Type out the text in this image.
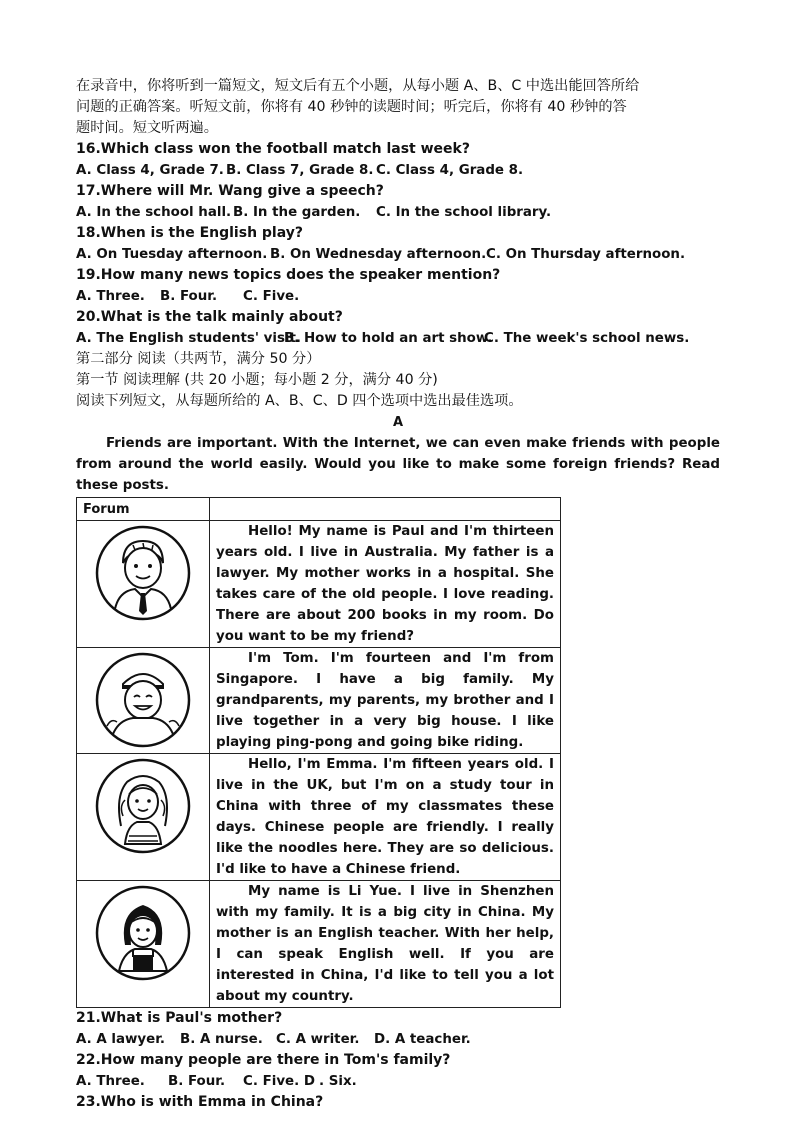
在录音中，你将听到一篇短文，短文后有五个小题，从每小题 A、B、C 中选出能回答所给
问题的正确答案。听短文前，你将有 40 秒钟的读题时间；听完后，你将有 40 秒钟的答
题时间。短文听两遍。
16.Which class won the football match last week?
A. Class 4, Grade 7. B. Class 7, Grade 8. C. Class 4, Grade 8.
17.Where will Mr. Wang give a speech?
A. In the school hall. B. In the garden.	C. In the school library.
18.When is the English play?
A. On Tuesday afternoon. B. On Wednesday afternoon. C. On Thursday afternoon.
19.How many news topics does the speaker mention?
A. Three.	B. Four.	C. Five.
20.What is the talk mainly about?
A. The English students' visit.
B. How to hold an art show.
C. The week's school news.
第二部分 阅读（共两节，满分 50 分）
第一节 阅读理解 (共 20 小题；每小题 2 分，满分 40 分)
阅读下列短文，从每题所给的 A、B、C、D 四个选项中选出最佳选项。
A
Friends are important. With the Internet, we can even make friends with people from around the world easily. Would you like to make some foreign friends? Read these posts.
Forum	

Hello! My name is Paul and I'm thirteen years old. I live in Australia. My father is a lawyer. My mother works in a hospital. She takes care of the old people. I love reading. There are about 200 books in my room. Do you want to be my friend?

I'm Tom. I'm fourteen and I'm from Singapore. I have a big family. My grandparents, my parents, my brother and I live together in a very big house. I like playing ping-pong and going bike riding.

Hello, I'm Emma. I'm fifteen years old. I live in the UK, but I'm on a study tour in China with three of my classmates these days. Chinese people are friendly. I really like the noodles here. They are so delicious. I'd like to have a Chinese friend.

My name is Li Yue. I live in Shenzhen with my family. It is a big city in China. My mother is an English teacher. With her help, I can speak English well. If you are interested in China, I'd like to tell you a lot about my country.
21.What is Paul's mother?
A. A lawyer.	B. A nurse. C. A writer.	D. A teacher.
22.How many people are there in Tom's family?
A. Three.	B. Four.	C. Five. D . Six.
23.Who is with Emma in China?
